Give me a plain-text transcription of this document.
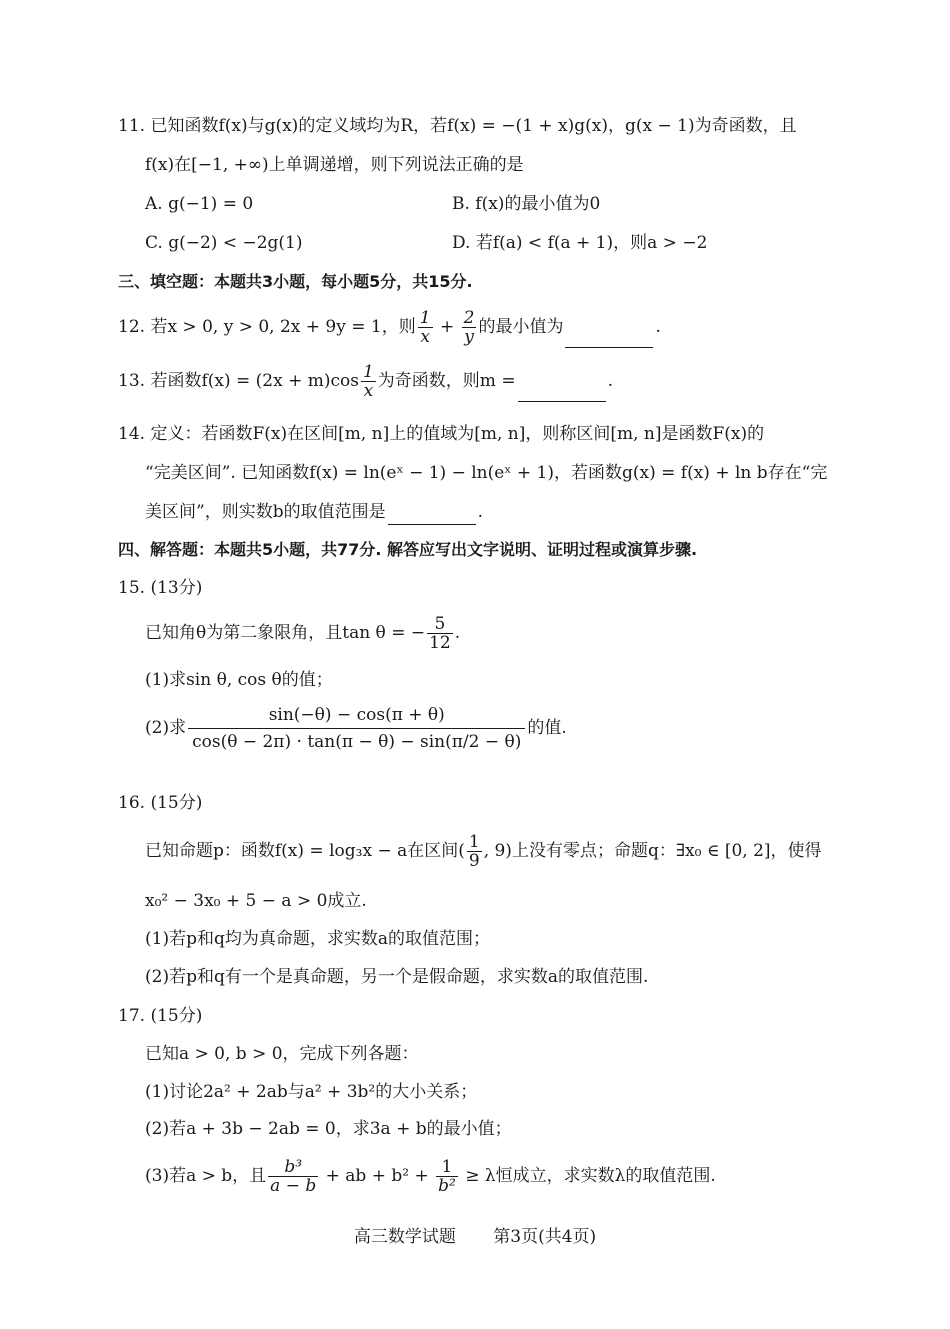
11. 已知函数f(x)与g(x)的定义域均为R，若f(x) = −(1 + x)g(x)，g(x − 1)为奇函数，且
f(x)在[−1, +∞)上单调递增，则下列说法正确的是
A. g(−1) = 0	B. f(x)的最小值为0
C. g(−2) < −2g(1)	D. 若f(a) < f(a + 1)，则a > −2
三、填空题：本题共3小题，每小题5分，共15分.
12. 若x > 0, y > 0, 2x + 9y = 1，则 $\frac{1}{x} + \frac{2}{y}$ 的最小值为	.
13. 若函数$f(x) = (2x + m)\cos \frac{1}{x}$ 为奇函数，则m =	.
14. 定义：若函数F(x)在区间[m, n]上的值域为[m, n]，则称区间[m, n]是函数F(x)的
“完美区间”. 已知函数f(x) = ln(eˣ − 1) − ln(eˣ + 1)，若函数g(x) = f(x) + ln b存在“完
美区间”，则实数b的取值范围是	.
四、解答题：本题共5小题，共77分. 解答应写出文字说明、证明过程或演算步骤.
15. (13分)
已知角θ为第二象限角，且tan θ = − $\frac{5}{12}$ .
(1)求sin θ, cos θ的值；
(2)求 $\frac{\sin(-\theta) - \cos(\pi + \theta)}{\cos(\theta - 2\pi) \cdot \tan(\pi - \theta) - \sin(\pi/2 - \theta)}$ 的值.
16. (15分)
已知命题p：函数f(x) = log₃x − a在区间( $\frac{1}{9}$ , 9)上没有零点；命题q：∃x₀ ∈ [0, 2]，使得
x₀² − 3x₀ + 5 − a > 0成立.
(1)若p和q均为真命题，求实数a的取值范围；
(2)若p和q有一个是真命题，另一个是假命题，求实数a的取值范围.
17. (15分)
已知a > 0, b > 0，完成下列各题：
(1)讨论2a² + 2ab与a² + 3b²的大小关系；
(2)若a + 3b − 2ab = 0，求3a + b的最小值；
(3)若a > b，且 $\frac{\text{b³}}{a - b}$ + ab + $b^2 + \frac{1}{\text{b²}} \ge \lambda$恒成立，求实数λ的取值范围.
高三数学试题 第3页(共4页)
